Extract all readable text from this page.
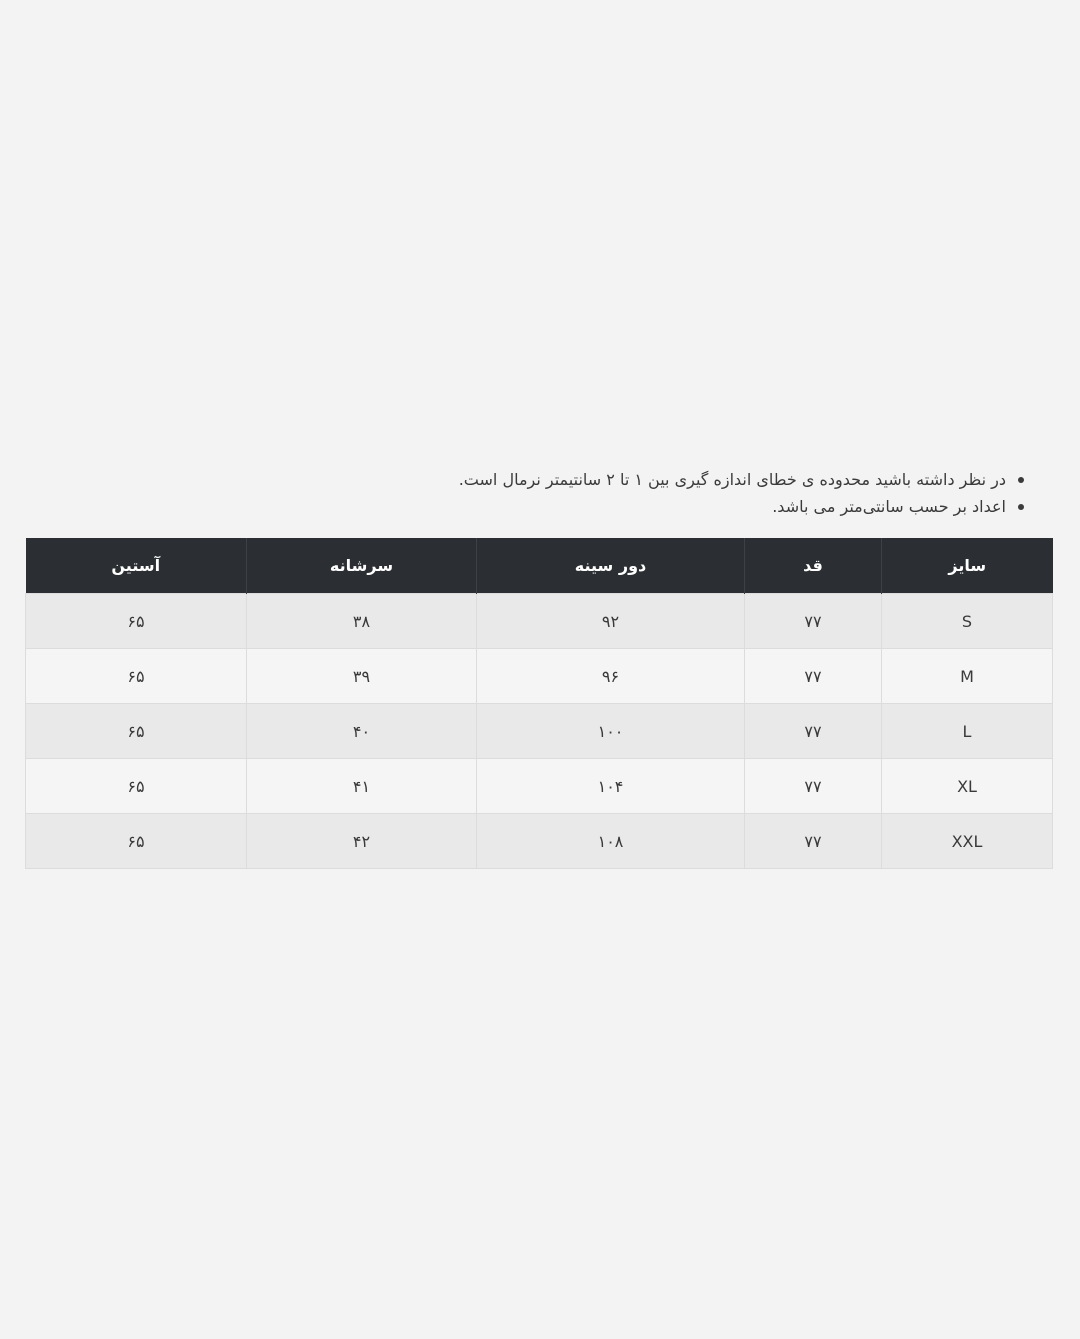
در نظر داشته باشید محدوده ی خطای اندازه گیری بین ۱ تا ۲ سانتیمتر نرمال است.
اعداد بر حسب سانتی‌متر می باشد.
سایز	قد	دور سینه	سرشانه	آستین
S	۷۷	۹۲	۳۸	۶۵
M	۷۷	۹۶	۳۹	۶۵
L	۷۷	۱۰۰	۴۰	۶۵
XL	۷۷	۱۰۴	۴۱	۶۵
XXL	۷۷	۱۰۸	۴۲	۶۵
